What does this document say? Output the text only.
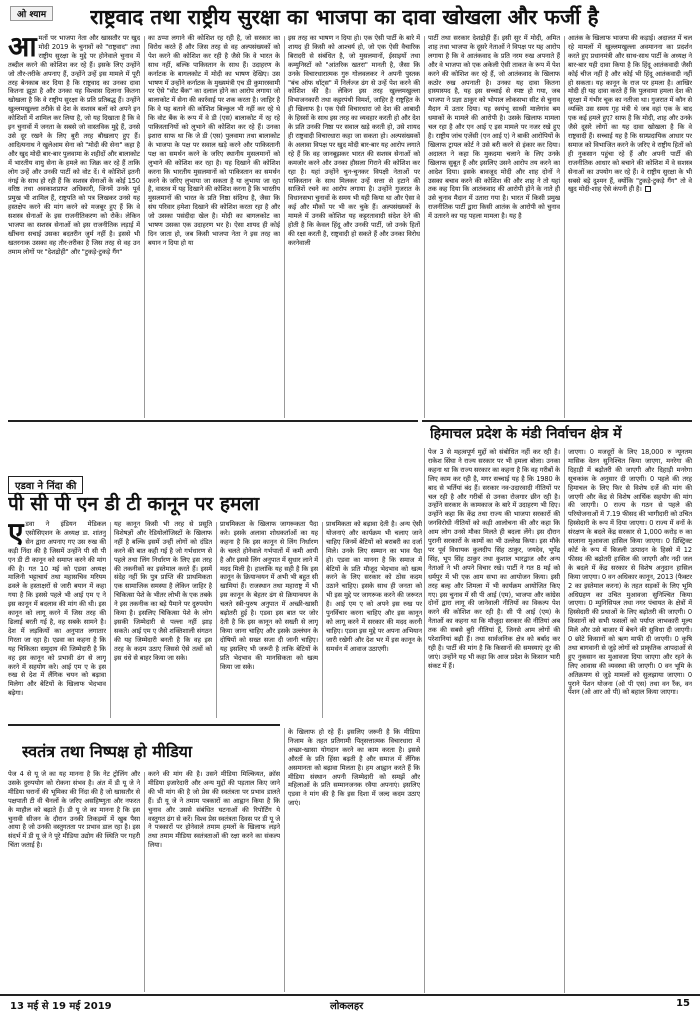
ओ श्याम	राष्ट्रवाद तथा राष्ट्रीय सुरक्षा का भाजपा का दावा खोखला और फर्जी है
आमतों पर भाजपा नेता और खासतौर पर खुद मोदी 2019 के चुनावों को "राष्ट्रवाद" तथा राष्ट्रीय सुरक्षा के मुद्दे पर होनेवाले चुनाव में तब्दील करने की कोशिश कर रहे हैं। इसके लिए उन्होंने जो तौर-तरीके अपनाए हैं, उन्होंने उन्हें इस मामले में पूरी तरह बेनकाब कर दिया है कि राष्ट्रवाद का उनका दावा कितना झूठा है और उनका यह विश्वास दिलाना कितना खोखला है कि वे राष्ट्रीय सुरक्षा के प्रति प्रतिबद्ध हैं। उन्होंने खुल्लमखुल्ला तरीके से देश के सशस्त्र बलों को अपने इन कोशिशों में शामिल कर लिया है, जो यह दिखाता है कि वे इन चुनावों में जनता के सबसे जो वास्तविक मुद्दे हैं, उनसे उसे दूर रखने के लिए बुरी तरह बौखलाए हुए हैं। आदित्यनाथ ने खुलेआम सेना को "मोदी की सेना" कहा है और खुद मोदी बार-बार पुलवामा के शहीदों और बालाकोट में भारतीय वायु सेना के हमले का जिक्र कर रहे हैं ताकि लोग उन्हें और उनकी पार्टी को वोट दें। ये कोशिशें इतनी नंगई के साथ हो रही हैं कि सशस्त्र सेनाओं के कोई 150 वरिष्ठ तथा अवकाशप्राप्त अधिकारी, जिनमें उनके पूर्व प्रमुख भी शामिल हैं, राष्ट्रपति को पत्र लिखकर उनसे यह हस्तक्षेप करने की मांग करने को मजबूर हुए हैं कि वे सशस्त्र सेनाओं के इस राजनीतिकरण को रोकें। लेकिन भाजपा का सशस्त्र सेनाओं को इस राजनीतिक लड़ाई में खींचना सचाई उसका बदतरीन जुर्म नहीं है। इससे भी खतरनाक उसका वह तौर-तरीका है जिस तरह से वह उन तमाम लोगों पर "देशद्रोही" और "टुकड़े-टुकड़े गैंग"
का ठप्पा लगाने की कोशिश रह रही है, जो सरकार का विरोध करते हैं और जिस तरह से वह अल्पसंख्यकों को पेश करने की कोशिश कर रही है जैसे कि वे भारत के साथ नहीं, बल्कि पाकिस्तान के साथ हैं। उदाहरण के कर्नाटक के बागलकोट में मोदी का भाषण देखिए। उस भाषण में उन्होंने कर्नाटक के मुख्यमंत्री एच डी कुमारस्वामी पर ऐसे "वोट बैंक" का दलाल होने का आरोप लगाया जो बालाकोट में सेना की कार्रवाई पर शक करता है। जाहिर है कि वे यह बताने की कोशिश बिल्कुल भी नहीं कर रहे थे कि वोट बैंक के रूप में वे डी (एस) बालाकोट में रह रहे पाकिस्तानियों को लुभाने की कोशिश कर रहे हैं। उनका इशारा साफ था कि जे डी (एस) पुलवामा तथा बालाकोट के भाजपा के पक्ष पर सवाल खड़े करने और पाकिस्तानी पक्ष का समर्थन करने के जरिए स्थानीय मुसलमानों को लुभाने की कोशिश कर रहा है। यह दिखाने की कोशिश करना कि भारतीय मुसलमानों को पाकिस्तान का समर्थन करने के जरिए लुभाया जा सकता है या लुभाया जा रहा है, वास्तव में यह दिखाने की कोशिश करना है कि भारतीय मुसलमानों की भारत के प्रति निष्ठा संदिग्ध है, जैसा कि संघ परिवार हमेशा दिखाने की कोशिश करता रहा है और जो उसका पसंदीदा खेल है। मोदी का बागलकोट का भाषण उसका एक उदाहरण भर है। ऐसा शायद ही कोई दिन जाता हो, जब किसी भाजपा नेता ने इस तरह का बयान न दिया हो या
इस तरह का भाषण न दिया हो। एक ऐसी पार्टी के बारे में शायद ही किसी को आश्चर्य हो, जो एक ऐसी वैचारिक बिरादरी से संबंधित है, जो मुसलमानों, ईसाइयों तथा कम्युनिस्टों को "आंतरिक खतरा" मानती है, जैसा कि उनके विचारधारात्मक गुरु गोलवलकर ने अपनी पुस्तक "बंच ऑफ थॉट्स" में निर्लज्ज ढंग से उन्हें पेश करने की कोशिश की है। लेकिन इस तरह खुल्लमखुल्ला विभाजनकारी तथा कट्टरपंथी विमर्श, जाहिर है राष्ट्रहित के ही खिलाफ है। एक ऐसी विचारधारा जो देश की आबादी के हिस्सों के साथ इस तरह का व्यवहार करती हो और देश के प्रति उनकी निष्ठा पर सवाल खड़े करती हो, उसे शायद ही राष्ट्रवादी विचारधारा कहा जा सकता हो। अल्पसंख्यकों के अलावा विपक्ष पर खुद मोदी बार-बार यह आरोप लगाते रहे हैं कि वह जानबूझकर भारत की सशस्त्र सेनाओं को कमजोर करने और उनका हौसला गिराने की कोशिश कर रहा है। यहां उन्होंने चुन-चुनकर विपक्षी नेताओं पर पाकिस्तान के साथ मिलकर उन्हें सत्ता से हटाने की साजिशें रचने का आरोप लगाया है। उन्होंने गुजरात के विधानसभा चुनावों के समय भी यही किया था और ऐसा वे कई और मौकों पर भी कर चुके हैं। अल्पसंख्यकों के मामले में उनकी कोशिश यह कट्टरतावादी संदेश देने की होती है कि केवल हिंदू और उनकी पार्टी, जो उनके हितों की रक्षा करती है, राष्ट्रवादी हो सकते हैं और उनका विरोध करनेवाली
पार्टी तथा सरकार देशद्रोही हैं। इसी सुर में मोदी, अमित शाह तथा भाजपा के दूसरे नेताओं ने विपक्ष पर यह आरोप लगाया है कि वे आतंकवाद के प्रति नरम रुख अपनाते हैं और वे भाजपा को एक अकेली ऐसी ताकत के रूप में पेश करने की कोशिश कर रहे हैं, जो आतंकवाद के खिलाफ कठोर रुख अपनाती है। उनका यह दावा कितना हास्यास्पद है, यह इस सच्चाई से स्पष्ट हो गया, जब भाजपा ने प्रज्ञा ठाकुर को भोपाल लोकसभा सीट से चुनाव मैदान में उतार दिया। यह स्वयंभू साध्वी मालेगांव बम धमाकों के मामले की आरोपी है। उसके खिलाफ मामला चल रहा है और एन आई ए इस मामले पर नजर रखे हुए है। राष्ट्रीय जांच एजेंसी (एन आई ए) ने बाकी आरोपियों के खिलाफ ट्रायल कोर्ट ने उसे बरी करने से इंकार कर दिया। अदालत ने कहा कि मुकदमा चलाने के लिए उनके खिलाफ सुबूत हैं और इसलिए उसने आरोप तय करने का आदेश दिया। इसके बावजूद मोदी और शाह दोनों ने उसका बचाव करने की कोशिश की और शाह ने तो यहां तक कह दिया कि आतंकवाद की आरोपी होने के नाते ही उसे चुनाव मैदान में उतारा गया है। भारत में किसी प्रमुख राजनीतिक पार्टी द्वारा किसी आतंक के आरोपी को चुनाव में उतारने का यह पहला मामला है। यह है
आतंक के खिलाफ भाजपा की कड़ाई। अदालत में चल रहे मामलों में खुल्लमखुल्ला अवमानना का प्रदर्शन करते हुए प्रधानमंत्री और साथ-साथ पार्टी के अध्यक्ष ने बार-बार यही दावा किया है कि हिंदू आतंकवादी जैसी कोई चीज नहीं है और कोई भी हिंदू आतंकवादी नहीं हो सकता। यह कानून के राज पर हमला है। आखिर मोदी ही यह दावा करते हैं कि पुलवामा हमला देश की सुरक्षा में गंभीर चूक का नतीजा था। गुजरात में कौन से व्यक्ति उस समय गृह मंत्री थे जब वहां एक के बाद एक कई हमले हुए? साफ है कि मोदी, शाह और उनके जैसे दूसरे लोगों का यह दावा खोखला है कि वे राष्ट्रवादी हैं। सच्चाई यह है कि साम्प्रदायिक आधार पर समाज को विभाजित करने के जरिए वे राष्ट्रीय हितों को ही नुकसान पहुंचा रहे हैं और अपनी पार्टी की राजनीतिक आधार को बचाने की कोशिश में वे सशस्त्र सेनाओं का उपयोग कर रहे हैं। वे राष्ट्रीय सुरक्षा के भी सबसे बड़े दुश्मन हैं, क्योंकि "टुकड़े-टुकड़े गैंग" तो वे खुद मोदी-शाह ऐसे कंपनी ही है।
हिमाचल प्रदेश के मंडी निर्वाचन क्षेत्र में
पेज 3 से महत्वपूर्ण मुद्दों को संबोधित नहीं कर रही है। राकेश सिंघा ने राज्य सरकार पर भी हमला बोला। उनका कहना था कि राज्य सरकार का कहना है कि वह गरीबों के लिए काम कर रही है, मगर सच्चाई यह है कि 1980 के बाद से भर्तियां बंद हैं। सरकार नव-उदारवादी नीतियों पर चल रही है और गरीबों से उनका रोजगार छीन रही है। उन्होंने सरकार के कामकाज के बारे में उदाहरण भी दिए। उन्होंने कहा कि केंद्र तथा राज्य की भाजपा सरकारों की जनविरोधी नीतियों को कड़ी आलोचना की और कहा कि आम लोग उनसे मौका मिलते ही बदला लेंगे। इस दौरान पुरानी सरकारों के कामों का भी उल्लेख किया। इस मौके पर पूर्व विधायक कुलदीप सिंह ठाकुर, जयदेव, भूपेंद्र सिंह, भूप सिंह ठाकुर तथा कुशाल भारद्वाज और अन्य नेताओं ने भी अपने विचार रखे। पार्टी ने गत 8 मई को धर्मपुर में भी एक आम सभा का आयोजन किया। इसी तरह बल्ह और शिमला में भी कार्यक्रम आयोजित किए गए। इस चुनाव में सी पी आई (एम), भाजपा और कांग्रेस दोनों द्वारा लागू की जानेवाली नीतियों का विकल्प पेश करने की कोशिश कर रही है। सी पी आई (एम) के नेताओं का कहना था कि मौजूदा सरकार की नीतियां अब तक की सबसे बुरी नीतियां हैं, जिनसे आम लोगों की परेशानियां बढ़ी हैं। तथा सार्वजनिक क्षेत्र को बर्बाद कर रही है। पार्टी की मांग है कि किसानों की समस्याएं दूर की जाएं। उन्होंने यह भी कहा कि आज प्रदेश के किसान भारी संकट में हैं।
जाएगा। 0 मजदूरों के लिए 18,000 रु न्यूनतम मासिक वेतन सुनिश्चित किया जाएगा, मनरेगा की दिहाड़ी में बढ़ोतरी की जाएगी और दिहाड़ी मनरेगा सूचकांक के अनुसार दी जाएगी। 0 पहले की तरह हिमाचल के लिए फिर से विशेष दर्जे की मांग की जाएगी और केंद्र से विशेष आर्थिक सहयोग की मांग की जाएगी। 0 राज्य के गठन से पहले की परियोजनाओं में 7.19 फीसद की भागीदारी को उचित हिस्सेदारी के रूप में दिया जाएगा। 0 राज्य में वनों के संरक्षण के बदले केंद्र सरकार से 1,000 करोड़ रु का सालाना मुआवजा हासिल किया जाएगा। 0 डिस्ट्रिक्ट कोर्ट के रूप में बिजली उत्पादन के हिस्से में 12 फीसद की बढ़ोतरी हासिल की जाएगी और नदी जल के बदले में केंद्र सरकार से विशेष अनुदान हासिल किया जाएगा। 0 वन अधिकार कानून, 2013 (फैक्टर 2 का इस्तेमाल करना) के तहत सड़कों के लिए भूमि अधिग्रहण का उचित मुआवजा सुनिश्चित किया जाएगा। 0 म्युनिसिपल तथा नगर पंचायत के क्षेत्रों में हिस्सेदारी की प्रथाओं के लिए बढ़ोतरी की जाएगी। 0 किसानों को सभी फसलों को पर्याप्त लाभकारी मूल्य मिले और उसे बाजार में बेचने की सुविधा दी जाएगी। 0 छोटे किसानों को ऋण माफी दी जाएगी। 0 कृषि तथा बागवानी से जुड़े लोगों को प्राकृतिक आपदाओं से हुए नुकसान का मुआवजा दिया जाएगा और रहने के लिए आवास की व्यवस्था की जाएगी। 0 वन भूमि के अतिक्रमण से जुड़े मामलों को सुलझाया जाएगा। 0 पुराने पेंशन योजना (ओ पी एस) तथा वन रैंक, वन पेंशन (ओ आर ओ पी) को बहाल किया जाएगा।
एडवा ने निंदा की
पी सी पी एन डी टी कानून पर हमला
एडवा ने इंडियन मेडिकल एसोसिएशन के अध्यक्ष डा. शांतनु सेन द्वारा अपनाए गए उस रुख की कड़ी निंदा की है जिसमें उन्होंने पी सी पी एन डी टी कानून को समाप्त करने की मांग की है। गत 10 मई को एडवा अध्यक्ष मालिनी भट्टाचार्य तथा महासचिव मरियम ढवले के हस्ताक्षरों से जारी बयान में कहा गया है कि इससे पहले भी आई एम ए ने इस कानून में बदलाव की मांग की थी। इस कानून को लागू करने में जिस तरह की ढिलाई बरती गई है, वह सबके सामने है। देश में लड़कियों का अनुपात लगातार गिरता जा रहा है। एडवा का कहना है कि यह चिकित्सा समुदाय की जिम्मेदारी है कि वह इस कानून को प्रभावी ढंग से लागू करने में सहयोग करे। आई एम ए के इस रुख से देश में लैंगिक चयन को बढ़ावा मिलेगा और बेटियों के खिलाफ भेदभाव बढ़ेगा।
यह कानून किसी भी तरह से प्रसूति विशेषज्ञों और रेडियोलॉजिस्टों के खिलाफ नहीं है बल्कि इसमें उन्हीं लोगों को दंडित करने की बात कही गई है जो गर्भधारण से पहले तथा लिंग निर्धारण के लिए इस तरह की तकनीकों का इस्तेमाल करते हैं। इसमें संदेह नहीं कि पुत्र प्राप्ति की प्राथमिकता एक सामाजिक समस्या है लेकिन जाहिर है चिकित्सा पेशे के भीतर लोभी के एक तबके ने इस तकनीक का बड़े पैमाने पर दुरुपयोग किया है। इसलिए चिकित्सा पेशे के लोग इसकी जिम्मेदारी से पल्ला नहीं झाड़ सकते। आई एम ए जैसे शक्तिशाली संगठन की यह जिम्मेदारी बनती है कि वह इस तरह के कदम उठाए जिससे ऐसे तत्वों को इस धंधे से बाहर किया जा सके।
प्राथमिकता के खिलाफ जागरूकता पैदा करे। इसके अलावा शोधकर्ताओं का यह कहना है कि इस कानून से लिंग निर्धारण के चलते होनेवाले गर्भपातों में कमी आयी है और इससे लिंग अनुपात में सुधार लाने में मदद मिली है। हालांकि यह सही है कि इस कानून के क्रियान्वयन में अभी भी बहुत सी खामियां हैं। राजस्थान तथा महाराष्ट्र में भी इस कानून के बेहतर ढंग से क्रियान्वयन के चलते स्त्री-पुरुष अनुपात में अच्छी-खासी बढ़ोतरी हुई है। एडवा इस बात पर जोर देती है कि इस कानून को सख्ती से लागू किया जाना चाहिए और इसके उल्लंघन के दोषियों को सख्त सजा दी जानी चाहिए। यह इसलिए भी जरूरी है ताकि बेटियों के प्रति भेदभाव की मानसिकता को खत्म किया जा सके।
प्राथमिकता को बढ़ावा देती है। अन्य ऐसी योजनाएं और कार्यक्रम भी चलाए जाने चाहिए जिनमें बेटियों को बराबरी का दर्जा मिले। उनके लिए सम्मान का भाव पैदा हो। एडवा का मानना है कि समाज में बेटियों के प्रति मौजूद भेदभाव को खत्म करने के लिए सरकार को ठोस कदम उठाने चाहिए। इसके साथ ही जनता को भी इस मुद्दे पर जागरूक करने की जरूरत है। आई एम ए को अपने इस रुख पर पुनर्विचार करना चाहिए और इस कानून को लागू करने में सरकार की मदद करनी चाहिए। एडवा इस मुद्दे पर अपना अभियान जारी रखेगी और देश भर में इस कानून के समर्थन में आवाज उठाएगी।
स्वतंत्र तथा निष्पक्ष हो मीडिया
पेज 4 से यू जे का यह मानना है कि नेट ट्रोलिंग और उसके दुरुपयोग को रोकना संभव है। अंत में डी यू जे ने मीडिया घरानों की भूमिका की निंदा की है जो खासतौर से पक्षपाती टी वी चैनलों के जरिए असहिष्णुता और नफरत के माहौल को बढ़ाते हैं। डी यू जे का मानना है कि इस चुनावी सीजन के दौरान उनकी तिकड़मों में खुब पैसा आया है जो उनकी वस्तुगतता पर प्रभाव डाल रहा है। इस संदर्भ में डी यू जे ने पूरे मीडिया उद्योग की स्थिति पर गहरी चिंता जताई है।
करने की मांग की है। उसने मीडिया मिल्कियत, क्रॉस मीडिया इजारेदारी और अन्य मुद्दों की पड़ताल किए जाने की भी मांग की है जो प्रेस की स्वतंत्रता पर प्रभाव डालते हैं। डी यू जे ने तमाम पत्रकारों का आह्वान किया है कि चुनाव और उससे संबंधित घटनाओं की रिपोर्टिंग ये वस्तुगत ढंग से करें। विश्व प्रेस स्वतंत्रता दिवस पर डी यू जे ने पत्रकारों पर होनेवाले तमाम हमलों के खिलाफ लड़ने तथा तमाम मीडिया स्वतंत्रताओं की रक्षा करने का संकल्प लिया।
के खिलाफ हो रहे हैं। इसलिए जरूरी है कि मीडिया निजाम के तहत प्रतिगामी पितृसत्तात्मक विचारधारा में अच्छा-खासा योगदान करने का काम करता है। इससे औरतों के प्रति हिंसा बढ़ती है और समाज में लैंगिक असमानता को बढ़ावा मिलता है। हम आह्वान करते हैं कि मीडिया संस्थान अपनी जिम्मेदारी को समझें और महिलाओं के प्रति सम्मानजनक रवैया अपनाएं। इसलिए एडवा ने मांग की है कि इस दिशा में जल्द कदम उठाए जाएं।
13 मई से 19 मई 2019	लोकलहर	15
